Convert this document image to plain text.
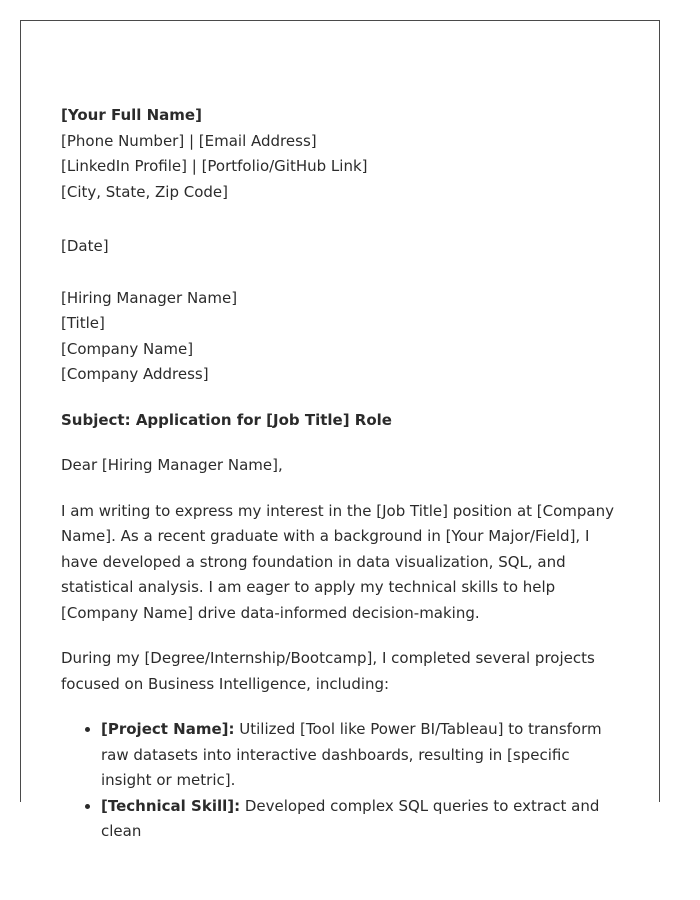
[Your Full Name]
[Phone Number] | [Email Address]
[LinkedIn Profile] | [Portfolio/GitHub Link]
[City, State, Zip Code]
[Date]
[Hiring Manager Name]
[Title]
[Company Name]
[Company Address]
Subject: Application for [Job Title] Role
Dear [Hiring Manager Name],

I am writing to express my interest in the [Job Title] position at [Company Name]. As a recent graduate with a background in [Your Major/Field], I have developed a strong foundation in data visualization, SQL, and statistical analysis. I am eager to apply my technical skills to help [Company Name] drive data-informed decision-making.

During my [Degree/Internship/Bootcamp], I completed several projects focused on Business Intelligence, including:

• [Project Name]: Utilized [Tool like Power BI/Tableau] to transform raw datasets into interactive dashboards, resulting in [specific insight or metric].
• [Technical Skill]: Developed complex SQL queries to extract and clean
